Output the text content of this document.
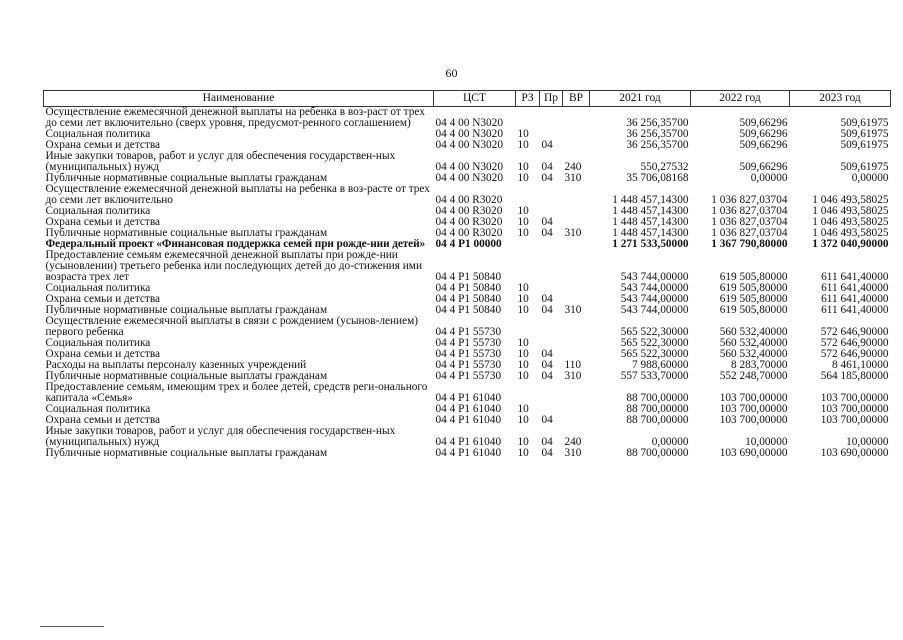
60
Наименование	ЦСТ	РЗ	Пр	ВР	2021 год	2022 год	2023 год
Осуществление ежемесячной денежной выплаты на ребенка в воз-раст от трех до семи лет включительно (сверх уровня, предусмот-ренного соглашением)	04 4 00 N3020				36 256,35700	509,66296	509,61975
Социальная политика	04 4 00 N3020	10			36 256,35700	509,66296	509,61975
Охрана семьи и детства	04 4 00 N3020	10	04		36 256,35700	509,66296	509,61975
Иные закупки товаров, работ и услуг для обеспечения государствен-ных (муниципальных) нужд	04 4 00 N3020	10	04	240	550,27532	509,66296	509,61975
Публичные нормативные социальные выплаты гражданам	04 4 00 N3020	10	04	310	35 706,08168	0,00000	0,00000
Осуществление ежемесячной денежной выплаты на ребенка в воз-расте от трех до семи лет включительно	04 4 00 R3020				1 448 457,14300	1 036 827,03704	1 046 493,58025
Социальная политика	04 4 00 R3020	10			1 448 457,14300	1 036 827,03704	1 046 493,58025
Охрана семьи и детства	04 4 00 R3020	10	04		1 448 457,14300	1 036 827,03704	1 046 493,58025
Публичные нормативные социальные выплаты гражданам	04 4 00 R3020	10	04	310	1 448 457,14300	1 036 827,03704	1 046 493,58025
Федеральный проект «Финансовая поддержка семей при рожде-нии детей»	04 4 P1 00000				1 271 533,50000	1 367 790,80000	1 372 040,90000
Предоставление семьям ежемесячной денежной выплаты при рожде-нии (усыновлении) третьего ребенка или последующих детей до до-стижения ими возраста трех лет	04 4 P1 50840				543 744,00000	619 505,80000	611 641,40000
Социальная политика	04 4 P1 50840	10			543 744,00000	619 505,80000	611 641,40000
Охрана семьи и детства	04 4 P1 50840	10	04		543 744,00000	619 505,80000	611 641,40000
Публичные нормативные социальные выплаты гражданам	04 4 P1 50840	10	04	310	543 744,00000	619 505,80000	611 641,40000
Осуществление ежемесячной выплаты в связи с рождением (усынов-лением) первого ребенка	04 4 P1 55730				565 522,30000	560 532,40000	572 646,90000
Социальная политика	04 4 P1 55730	10			565 522,30000	560 532,40000	572 646,90000
Охрана семьи и детства	04 4 P1 55730	10	04		565 522,30000	560 532,40000	572 646,90000
Расходы на выплаты персоналу казенных учреждений	04 4 P1 55730	10	04	110	7 988,60000	8 283,70000	8 461,10000
Публичные нормативные социальные выплаты гражданам	04 4 P1 55730	10	04	310	557 533,70000	552 248,70000	564 185,80000
Предоставление семьям, имеющим трех и более детей, средств реги-онального капитала «Семья»	04 4 P1 61040				88 700,00000	103 700,00000	103 700,00000
Социальная политика	04 4 P1 61040	10			88 700,00000	103 700,00000	103 700,00000
Охрана семьи и детства	04 4 P1 61040	10	04		88 700,00000	103 700,00000	103 700,00000
Иные закупки товаров, работ и услуг для обеспечения государствен-ных (муниципальных) нужд	04 4 P1 61040	10	04	240	0,00000	10,00000	10,00000
Публичные нормативные социальные выплаты гражданам	04 4 P1 61040	10	04	310	88 700,00000	103 690,00000	103 690,00000
